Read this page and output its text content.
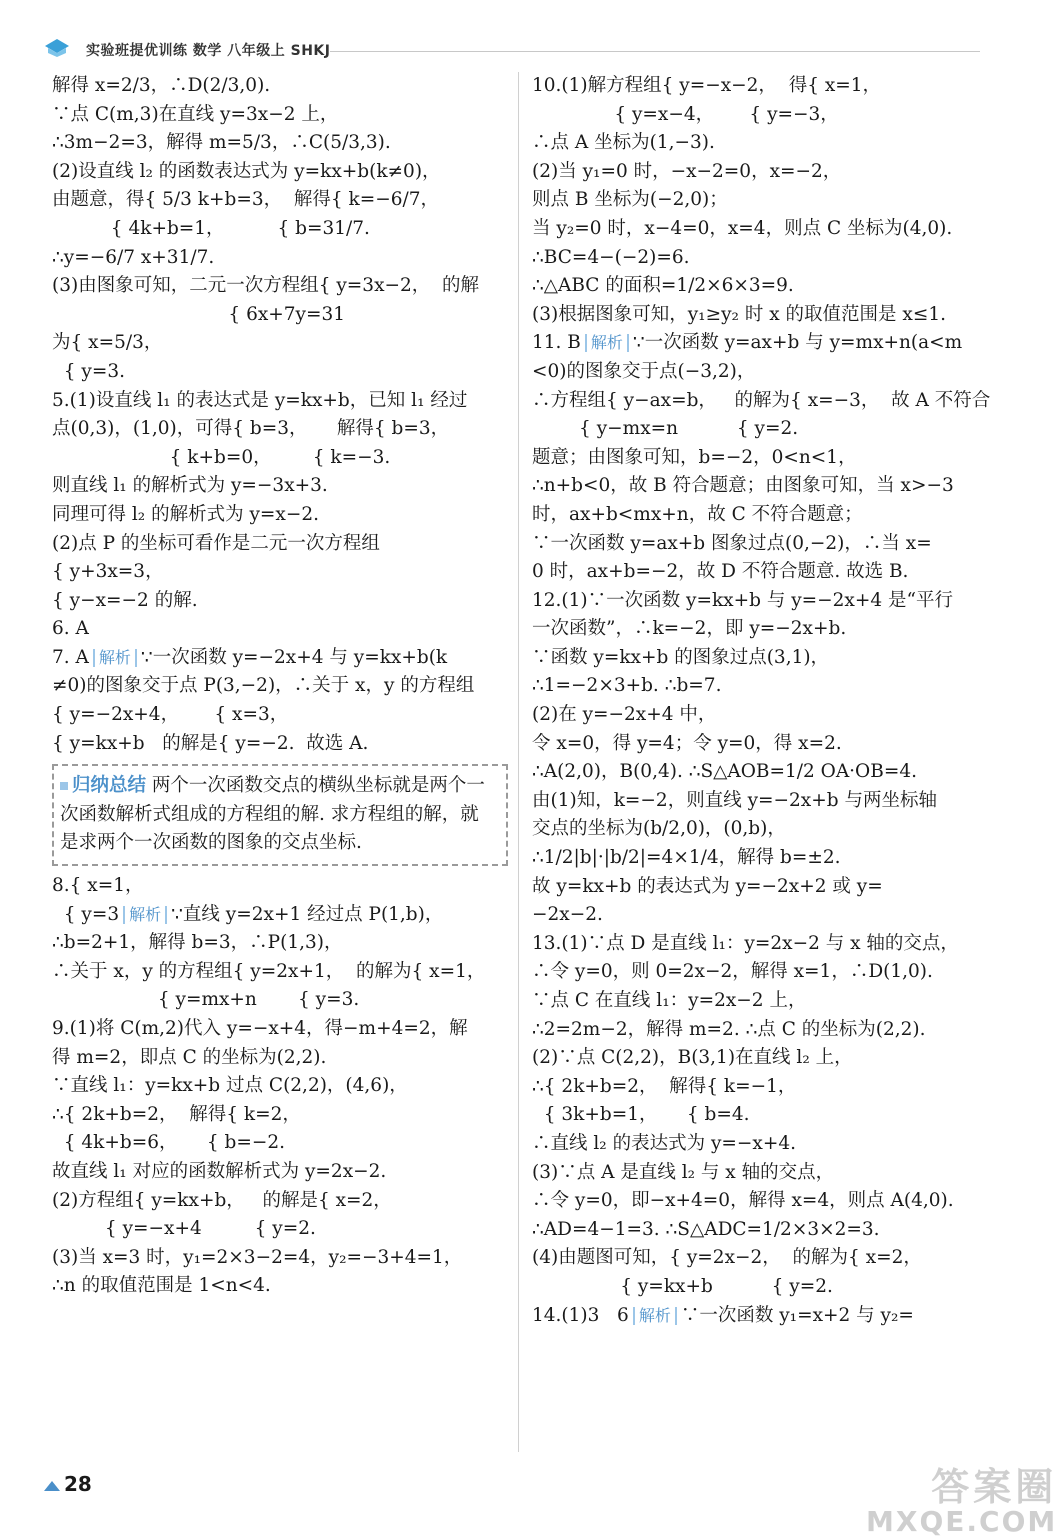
实验班提优训练 数学 八年级上 SHKJ
解得 x=2/3，∴D(2/3,0).
∵点 C(m,3)在直线 y=3x−2 上，
∴3m−2=3，解得 m=5/3，∴C(5/3,3).
(2)设直线 l₂ 的函数表达式为 y=kx+b(k≠0)，
由题意，得{ 5/3 k+b=3，  解得{ k=−6/7，
{ 4k+b=1，         { b=31/7.
∴y=−6/7 x+31/7.
(3)由图象可知，二元一次方程组{ y=3x−2，  的解
{ 6x+7y=31
为{ x=5/3，
{ y=3.
5.(1)设直线 l₁ 的表达式是 y=kx+b，已知 l₁ 经过
点(0,3)，(1,0)，可得{ b=3，     解得{ b=3，
{ k+b=0，       { k=−3.
则直线 l₁ 的解析式为 y=−3x+3.
同理可得 l₂ 的解析式为 y=x−2.
(2)点 P 的坐标可看作是二元一次方程组
{ y+3x=3，
{ y−x=−2 的解.
6. A
7. A 解析 ∵一次函数 y=−2x+4 与 y=kx+b(k
≠0)的图象交于点 P(3,−2)，∴关于 x，y 的方程组
{ y=−2x+4，      { x=3，
{ y=kx+b   的解是{ y=−2.  故选 A.
归纳总结 两个一次函数交点的横纵坐标就是两个一次函数解析式组成的方程组的解. 求方程组的解，就是求两个一次函数的图象的交点坐标.
8.{ x=1，
{ y=3 解析 ∵直线 y=2x+1 经过点 P(1,b)，
∴b=2+1，解得 b=3，∴P(1,3)，
∴关于 x，y 的方程组{ y=2x+1，  的解为{ x=1，
{ y=mx+n       { y=3.
9.(1)将 C(m,2)代入 y=−x+4，得−m+4=2，解
得 m=2，即点 C 的坐标为(2,2).
∵直线 l₁：y=kx+b 过点 C(2,2)，(4,6)，
∴{ 2k+b=2，  解得{ k=2，
{ 4k+b=6，     { b=−2.
故直线 l₁ 对应的函数解析式为 y=2x−2.
(2)方程组{ y=kx+b，   的解是{ x=2，
{ y=−x+4         { y=2.
(3)当 x=3 时，y₁=2×3−2=4，y₂=−3+4=1，
∴n 的取值范围是 1<n<4.
10.(1)解方程组{ y=−x−2，  得{ x=1，
{ y=x−4，      { y=−3，
∴点 A 坐标为(1,−3).
(2)当 y₁=0 时，−x−2=0，x=−2，
则点 B 坐标为(−2,0)；
当 y₂=0 时，x−4=0，x=4，则点 C 坐标为(4,0).
∴BC=4−(−2)=6.
∴△ABC 的面积=1/2×6×3=9.
(3)根据图象可知，y₁≥y₂ 时 x 的取值范围是 x≤1.
11. B 解析 ∵一次函数 y=ax+b 与 y=mx+n(a<m
<0)的图象交于点(−3,2)，
∴方程组{ y−ax=b，   的解为{ x=−3，  故 A 不符合
{ y−mx=n          { y=2.
题意；由图象可知，b=−2，0<n<1，
∴n+b<0，故 B 符合题意；由图象可知，当 x>−3
时，ax+b<mx+n，故 C 不符合题意；
∵一次函数 y=ax+b 图象过点(0,−2)，∴当 x=
0 时，ax+b=−2，故 D 不符合题意. 故选 B.
12.(1)∵一次函数 y=kx+b 与 y=−2x+4 是“平行
一次函数”，∴k=−2，即 y=−2x+b.
∵函数 y=kx+b 的图象过点(3,1)，
∴1=−2×3+b. ∴b=7.
(2)在 y=−2x+4 中，
令 x=0，得 y=4；令 y=0，得 x=2.
∴A(2,0)，B(0,4). ∴S△AOB=1/2 OA·OB=4.
由(1)知，k=−2，则直线 y=−2x+b 与两坐标轴
交点的坐标为(b/2,0)，(0,b)，
∴1/2|b|·|b/2|=4×1/4，解得 b=±2.
故 y=kx+b 的表达式为 y=−2x+2 或 y=
−2x−2.
13.(1)∵点 D 是直线 l₁：y=2x−2 与 x 轴的交点，
∴令 y=0，则 0=2x−2，解得 x=1，∴D(1,0).
∵点 C 在直线 l₁：y=2x−2 上，
∴2=2m−2，解得 m=2. ∴点 C 的坐标为(2,2).
(2)∵点 C(2,2)，B(3,1)在直线 l₂ 上，
∴{ 2k+b=2，  解得{ k=−1，
{ 3k+b=1，     { b=4.
∴直线 l₂ 的表达式为 y=−x+4.
(3)∵点 A 是直线 l₂ 与 x 轴的交点，
∴令 y=0，即−x+4=0，解得 x=4，则点 A(4,0).
∴AD=4−1=3. ∴S△ADC=1/2×3×2=3.
(4)由题图可知，{ y=2x−2，  的解为{ x=2，
{ y=kx+b          { y=2.
14.(1)3   6 解析 ∵一次函数 y₁=x+2 与 y₂=
28	答案圈
MXQE.COM
